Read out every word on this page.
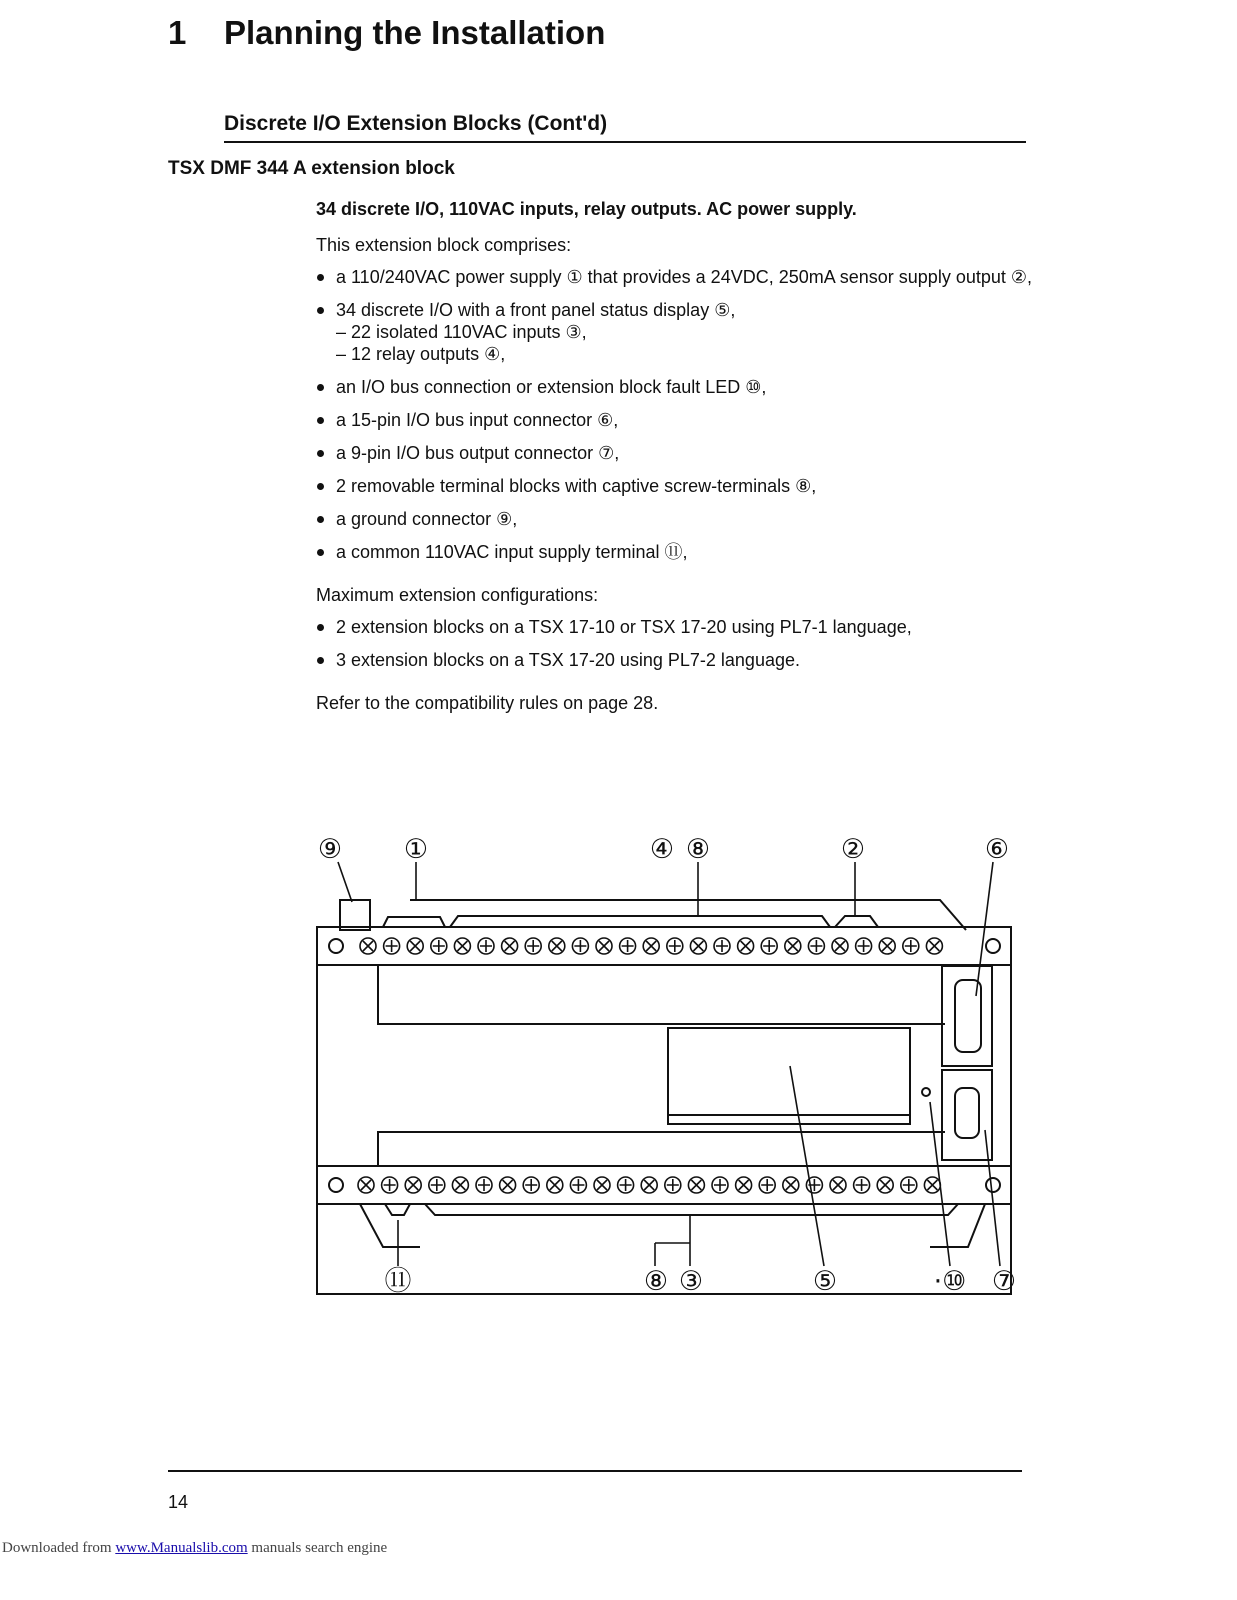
1 Planning the Installation
Discrete I/O Extension Blocks (Cont'd)
TSX DMF 344 A extension block

34 discrete I/O, 110VAC inputs, relay outputs. AC power supply.

This extension block comprises:

a 110/240VAC power supply ① that provides a 24VDC, 250mA sensor supply output ②,
34 discrete I/O with a front panel status display ⑤,
– 22 isolated 110VAC inputs ③,
– 12 relay outputs ④,
an I/O bus connection or extension block fault LED ⑩,
a 15-pin I/O bus input connector ⑥,
a 9-pin I/O bus output connector ⑦,
2 removable terminal blocks with captive screw-terminals ⑧,
a ground connector ⑨,
a common 110VAC input supply terminal ⑪,

Maximum extension configurations:

2 extension blocks on a TSX 17-10 or TSX 17-20 using PL7-1 language,
3 extension blocks on a TSX 17-20 using PL7-2 language.

Refer to the compatibility rules on page 28.

⑨ ①	④ ⑧	②	⑥
⑪	⑧ ③	⑤	·⑩ ⑦
14
Downloaded from www.Manualslib.com manuals search engine
